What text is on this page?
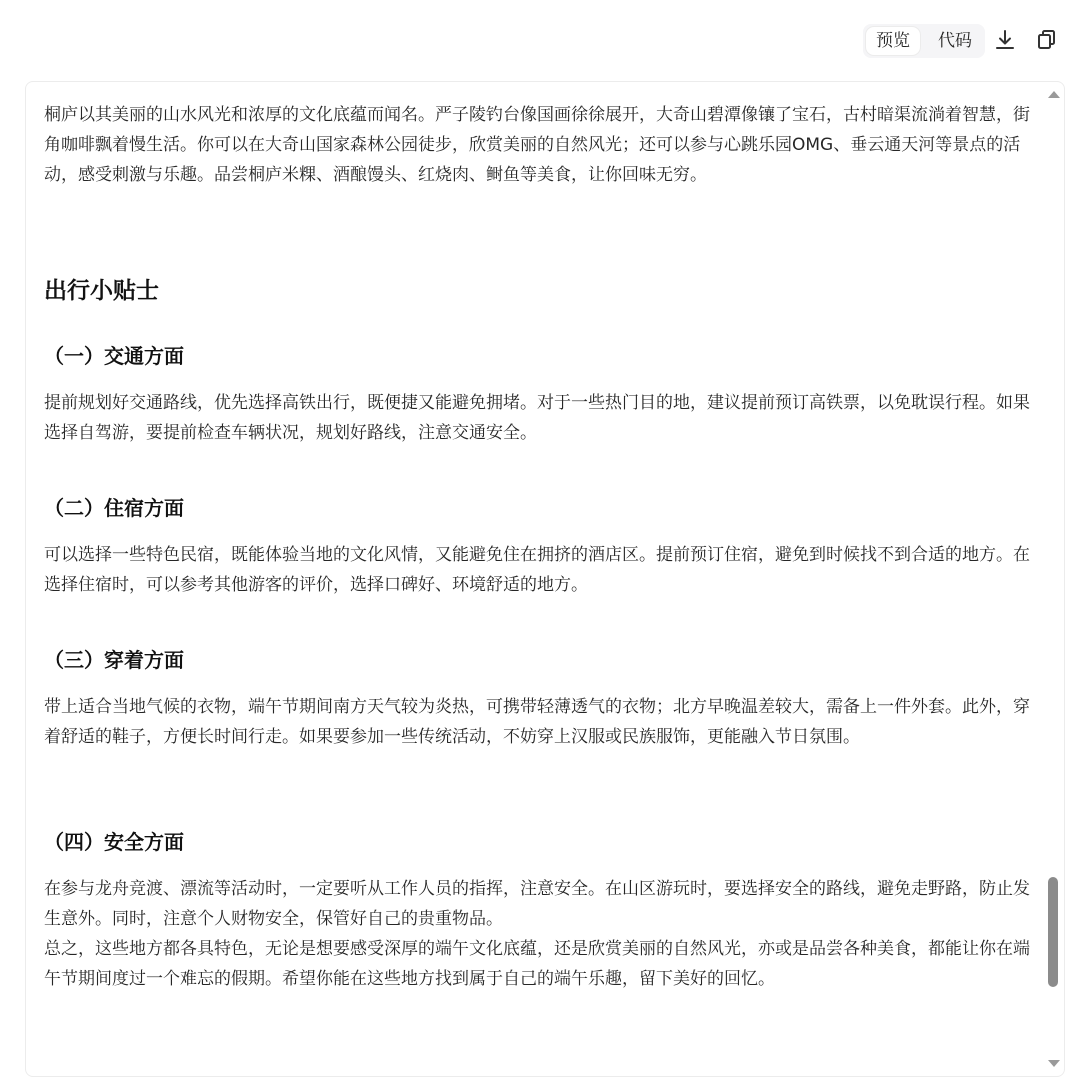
预览	代码

桐庐以其美丽的山水风光和浓厚的文化底蕴而闻名。严子陵钓台像国画徐徐展开，大奇山碧潭像镶了宝石，古村暗渠流淌着智慧，街角咖啡飘着慢生活。你可以在大奇山国家森林公园徒步，欣赏美丽的自然风光；还可以参与心跳乐园OMG、垂云通天河等景点的活动，感受刺激与乐趣。品尝桐庐米粿、酒酿馒头、红烧肉、鲥鱼等美食，让你回味无穷。

出行小贴士
（一）交通方面

提前规划好交通路线，优先选择高铁出行，既便捷又能避免拥堵。对于一些热门目的地，建议提前预订高铁票，以免耽误行程。如果选择自驾游，要提前检查车辆状况，规划好路线，注意交通安全。

（二）住宿方面

可以选择一些特色民宿，既能体验当地的文化风情，又能避免住在拥挤的酒店区。提前预订住宿，避免到时候找不到合适的地方。在选择住宿时，可以参考其他游客的评价，选择口碑好、环境舒适的地方。

（三）穿着方面

带上适合当地气候的衣物，端午节期间南方天气较为炎热，可携带轻薄透气的衣物；北方早晚温差较大，需备上一件外套。此外，穿着舒适的鞋子，方便长时间行走。如果要参加一些传统活动，不妨穿上汉服或民族服饰，更能融入节日氛围。

（四）安全方面

在参与龙舟竞渡、漂流等活动时，一定要听从工作人员的指挥，注意安全。在山区游玩时，要选择安全的路线，避免走野路，防止发生意外。同时，注意个人财物安全，保管好自己的贵重物品。

总之，这些地方都各具特色，无论是想要感受深厚的端午文化底蕴，还是欣赏美丽的自然风光，亦或是品尝各种美食，都能让你在端午节期间度过一个难忘的假期。希望你能在这些地方找到属于自己的端午乐趣，留下美好的回忆。
